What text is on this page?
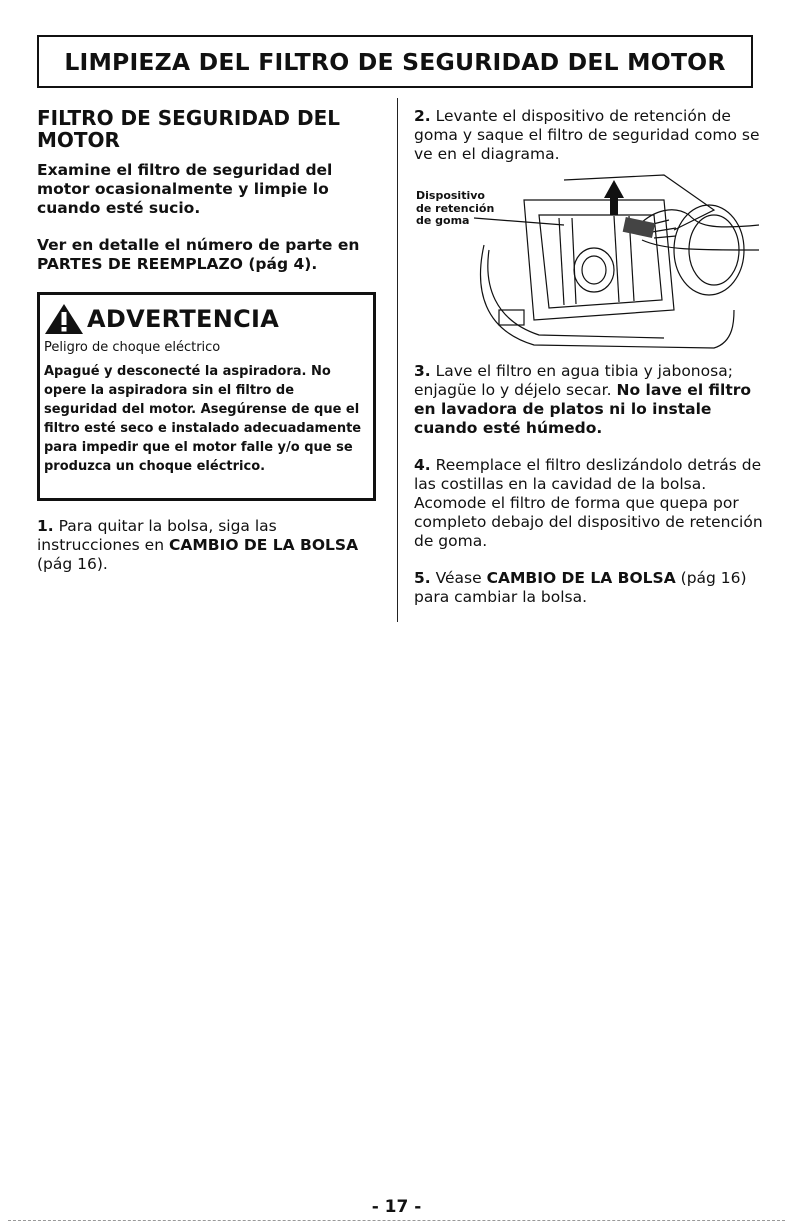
LIMPIEZA DEL FILTRO DE SEGURIDAD DEL MOTOR
FILTRO DE SEGURIDAD DEL MOTOR
Examine el filtro de seguridad del motor ocasionalmente y limpie lo cuando esté sucio.
Ver en detalle el número de parte en PARTES DE REEMPLAZO (pág 4).
ADVERTENCIA
Peligro de choque eléctrico
Apagué y desconecté la aspiradora. No opere la aspiradora sin el filtro de seguridad del motor. Asegúrense de que el filtro esté seco e instalado adecuadamente para impedir que el motor falle y/o que se produzca un choque eléctrico.
1. Para quitar la bolsa, siga las instrucciones en CAMBIO DE LA BOLSA (pág 16).
2. Levante el dispositivo de retención de goma y saque el filtro de seguridad como se ve en el diagrama.
Dispositivo
de retención
de goma
3. Lave el filtro en agua tibia y jabonosa; enjagüe lo y déjelo secar. No lave el filtro en lavadora de platos ni lo instale cuando esté húmedo.
4. Reemplace el filtro deslizándolo detrás de las costillas en la cavidad de la bolsa. Acomode el filtro de forma que quepa por completo debajo del dispositivo de retención de goma.
5. Véase CAMBIO DE LA BOLSA (pág 16) para cambiar la bolsa.
- 17 -
